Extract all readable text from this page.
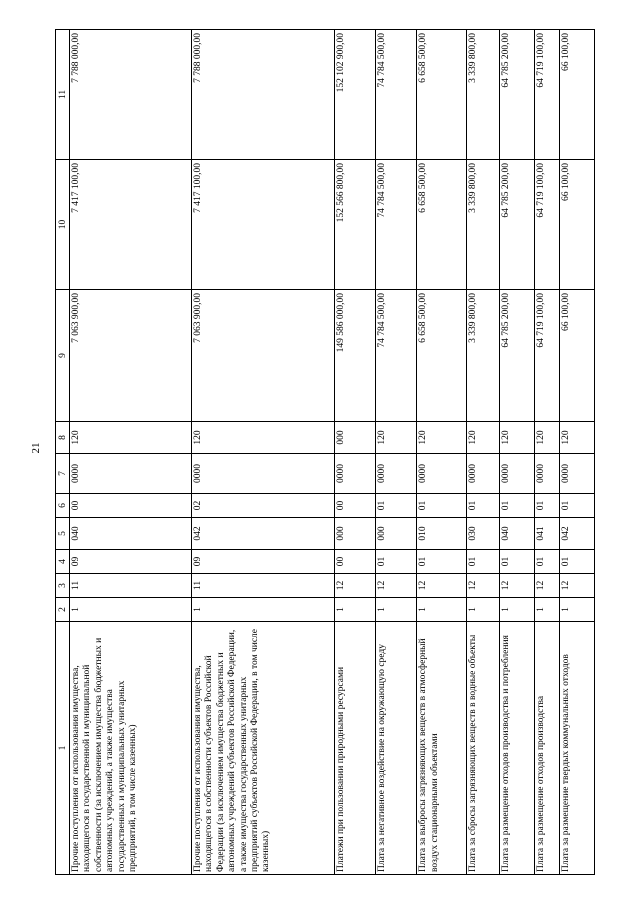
21
1	2	3	4	5	6	7	8	9	10	11
Прочие поступления от использования имущества, находящегося в государственной и муниципальной собственности (за исключением имущества бюджетных и автономных учреждений, а также имущества государственных и муниципальных унитарных предприятий, в том числе казенных)	1	11	09	040	00	0000	120	7 063 900,00	7 417 100,00	7 788 000,00
Прочие поступления от использования имущества, находящегося в собственности субъектов Российской Федерации (за исключением имущества бюджетных и автономных учреждений субъектов Российской Федерации, а также имущества государственных унитарных предприятий субъектов Российской Федерации, в том числе казенных)	1	11	09	042	02	0000	120	7 063 900,00	7 417 100,00	7 788 000,00
Платежи при пользовании природными ресурсами	1	12	00	000	00	0000	000	149 586 000,00	152 566 800,00	152 102 900,00
Плата за негативное воздействие на окружающую среду	1	12	01	000	01	0000	120	74 784 500,00	74 784 500,00	74 784 500,00
Плата за выбросы загрязняющих веществ в атмосферный воздух стационарными объектами	1	12	01	010	01	0000	120	6 658 500,00	6 658 500,00	6 658 500,00
Плата за сбросы загрязняющих веществ в водные объекты	1	12	01	030	01	0000	120	3 339 800,00	3 339 800,00	3 339 800,00
Плата за размещение отходов производства и потребления	1	12	01	040	01	0000	120	64 785 200,00	64 785 200,00	64 785 200,00
Плата за размещение отходов производства	1	12	01	041	01	0000	120	64 719 100,00	64 719 100,00	64 719 100,00
Плата за размещение твердых коммунальных отходов	1	12	01	042	01	0000	120	66 100,00	66 100,00	66 100,00
